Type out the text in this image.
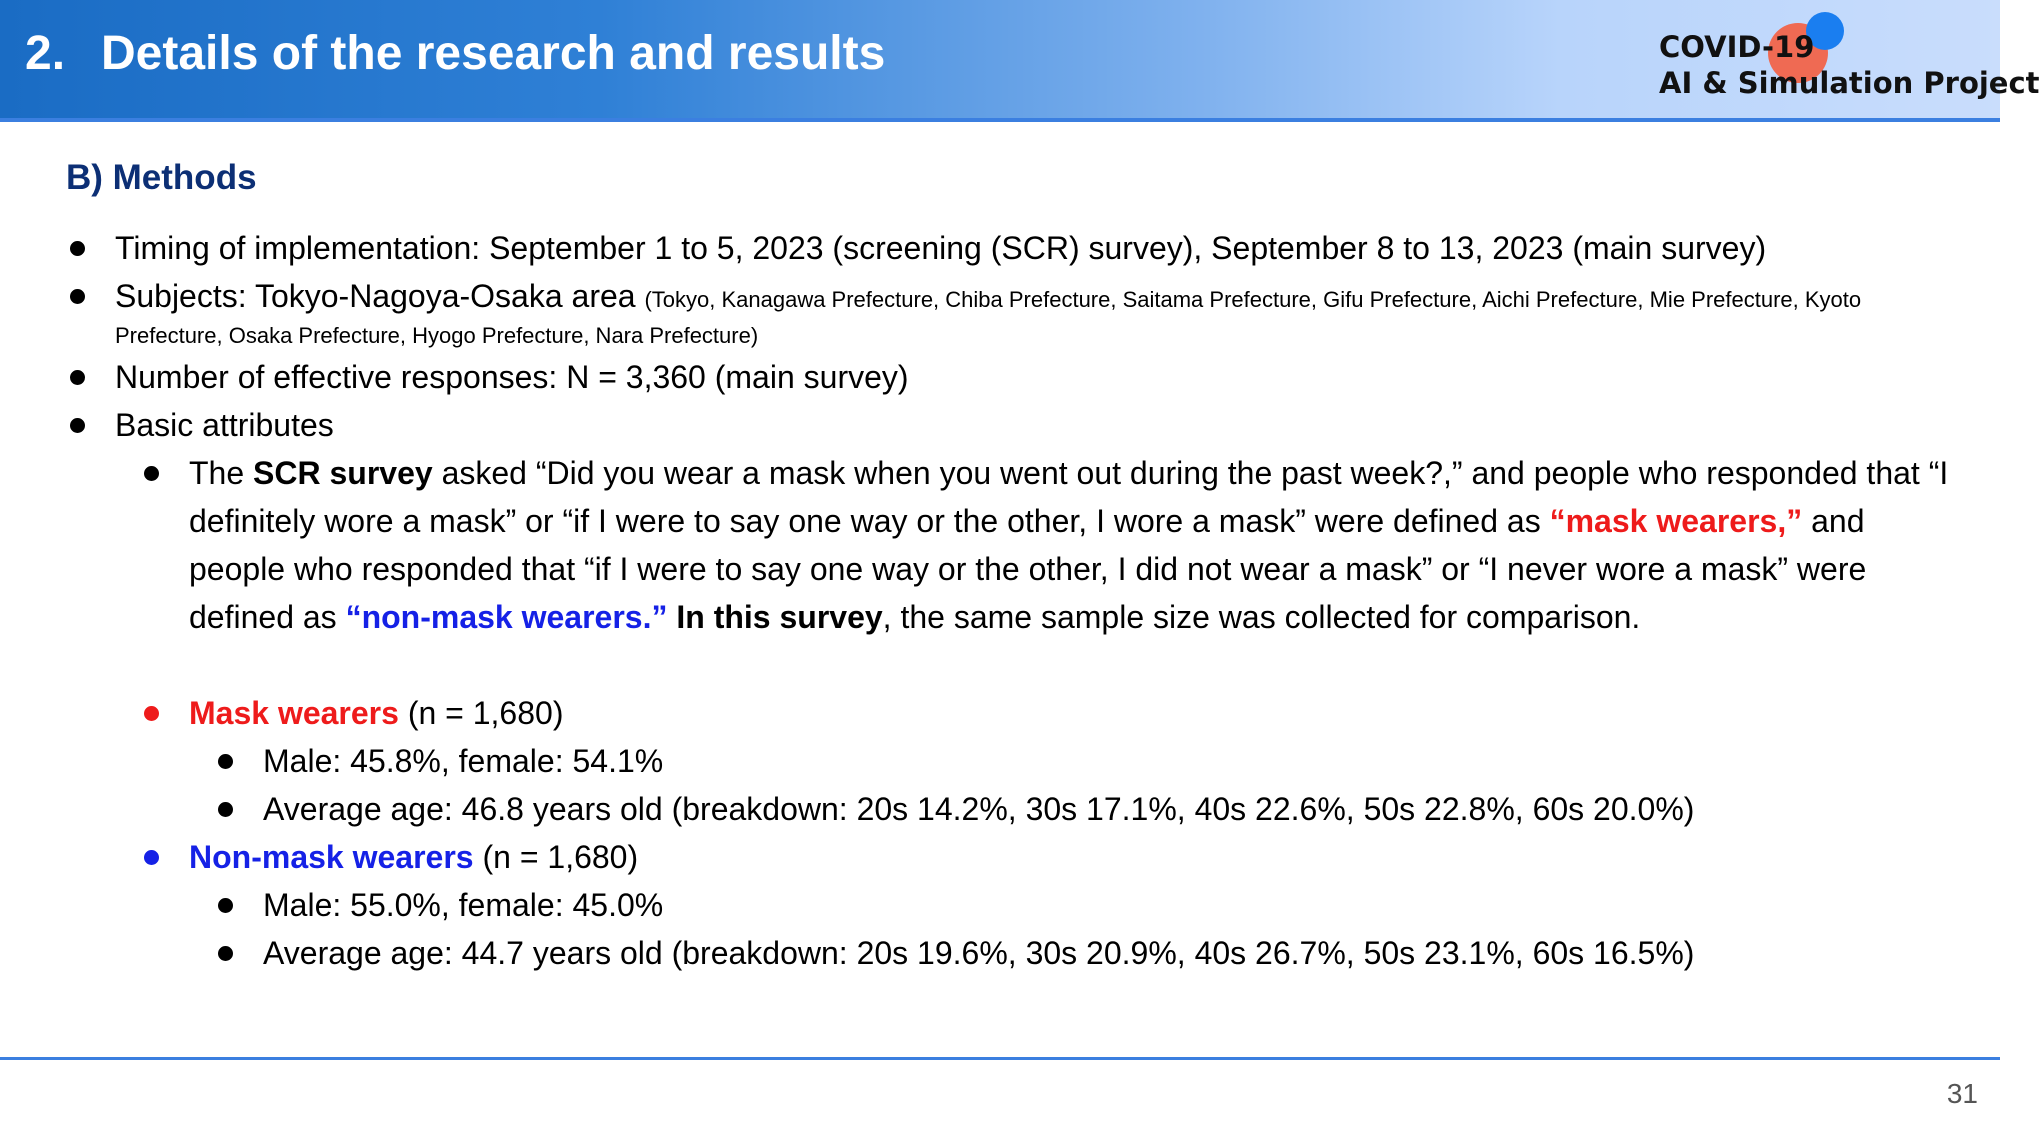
2. Details of the research and results	COVID-19
AI & Simulation Project
B) Methods
Timing of implementation: September 1 to 5, 2023 (screening (SCR) survey), September 8 to 13, 2023 (main survey)
Subjects: Tokyo-Nagoya-Osaka area (Tokyo, Kanagawa Prefecture, Chiba Prefecture, Saitama Prefecture, Gifu Prefecture, Aichi Prefecture, Mie Prefecture, Kyoto
Prefecture, Osaka Prefecture, Hyogo Prefecture, Nara Prefecture)
Number of effective responses: N = 3,360 (main survey)
Basic attributes
The SCR survey asked “Did you wear a mask when you went out during the past week?,” and people who responded that “I definitely wore a mask” or “if I were to say one way or the other, I wore a mask” were defined as “mask wearers,” and people who responded that “if I were to say one way or the other, I did not wear a mask” or “I never wore a mask” were defined as “non-mask wearers.” In this survey, the same sample size was collected for comparison.
Mask wearers (n = 1,680)
Male: 45.8%, female: 54.1%
Average age: 46.8 years old (breakdown: 20s 14.2%, 30s 17.1%, 40s 22.6%, 50s 22.8%, 60s 20.0%)
Non-mask wearers (n = 1,680)
Male: 55.0%, female: 45.0%
Average age: 44.7 years old (breakdown: 20s 19.6%, 30s 20.9%, 40s 26.7%, 50s 23.1%, 60s 16.5%)
31
